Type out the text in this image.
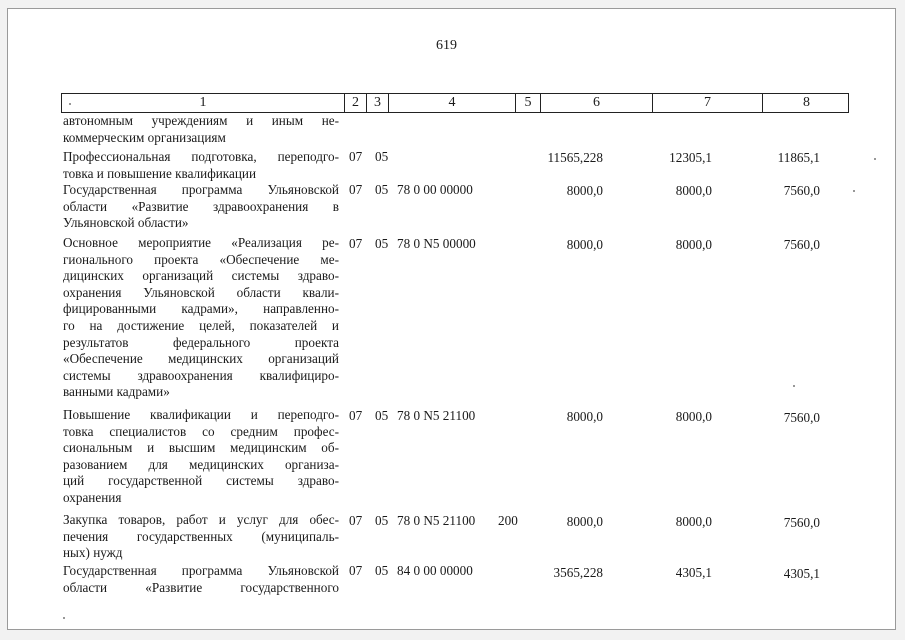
619
1	2	3	4	5	6	7	8
автономным учреждениям и иным не-
коммерческим организациям
Профессиональная подготовка, переподго-
товка и повышение квалификации
07 05	11565,228	12305,1	11865,1
Государственная программа Ульяновской
области «Развитие здравоохранения в
Ульяновской области»
07 05 78 0 00 00000	8000,0	8000,0	7560,0
Основное мероприятие «Реализация ре-
гионального проекта «Обеспечение ме-
дицинских организаций системы здраво-
охранения Ульяновской области квали-
фицированными кадрами», направленно-
го на достижение целей, показателей и
результатов федерального проекта
«Обеспечение медицинских организаций
системы здравоохранения квалифициро-
ванными кадрами»
07 05 78 0 N5 00000	8000,0	8000,0	7560,0
Повышение квалификации и переподго-
товка специалистов со средним профес-
сиональным и высшим медицинским об-
разованием для медицинских организа-
ций государственной системы здраво-
охранения
07 05 78 0 N5 21100	8000,0	8000,0	7560,0
Закупка товаров, работ и услуг для обес-
печения государственных (муниципаль-
ных) нужд
07 05 78 0 N5 21100 200	8000,0	8000,0	7560,0
Государственная программа Ульяновской
области «Развитие государственного
07 05 84 0 00 00000	3565,228	4305,1	4305,1
